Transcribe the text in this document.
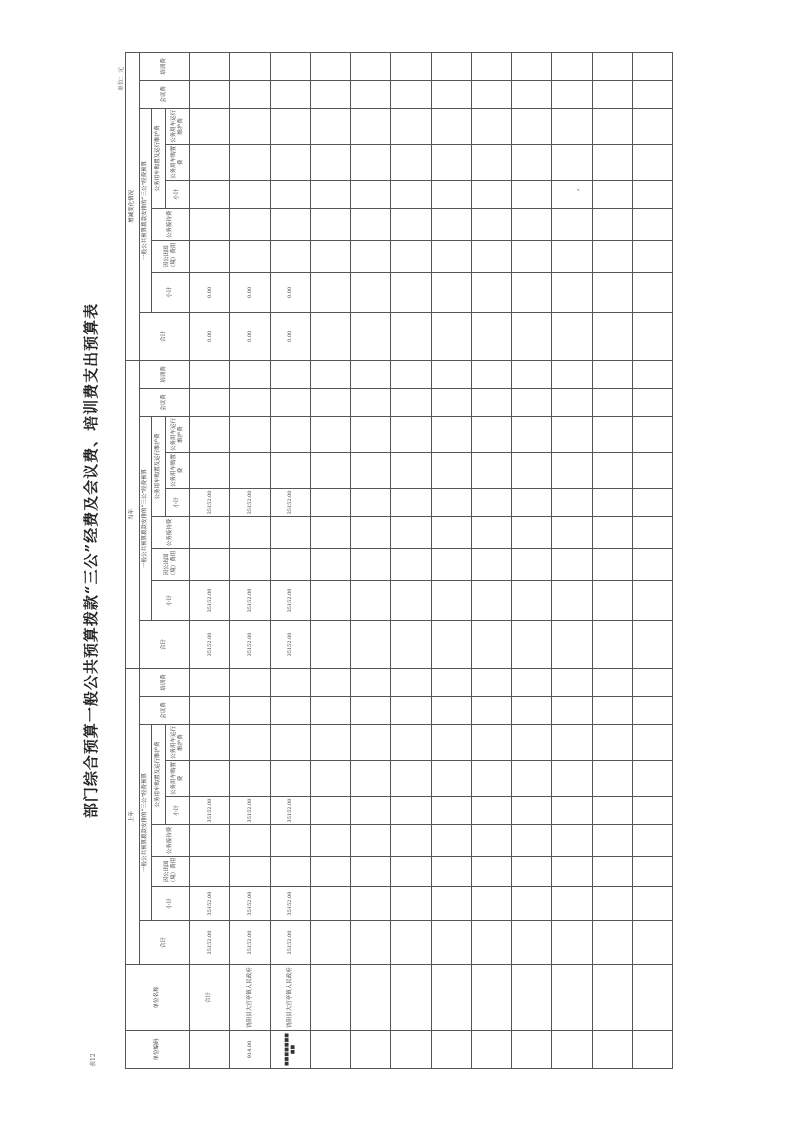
部门综合预算一般公共预算拨款“三公”经费及会议费、培训费支出预算表
表12
单位：元
'
单位编码	单位名称	上年									当年									增减变化情况								
		合计	一般公共预算拨款安排的“三公”经费预算						会议费	培训费	合计	一般公共预算拨款安排的“三公”经费预算						会议费	培训费	合计	一般公共预算拨款安排的“三公”经费预算						会议费	培训费
			小计	因公出国（境）费用	公务接待费	公务用车购置及运行维护费						小计	因公出国（境）费用	公务接待费	公务用车购置及运行维护费						小计	因公出国（境）费用	公务接待费	公务用车购置及运行维护费				
						小计	公务用车购置费	公务用车运行维护费							小计	公务用车购置费	公务用车运行维护费							小计	公务用车购置费	公务用车运行维护费		
	合计	35152.00	35152.00			35152.00					35152.00	35152.00			35152.00					0.00	0.00							
914.00	饶阳县大官亭镇人民政府	35152.00	35152.00			35152.00					35152.00	35152.00			35152.00					0.00	0.00							
■■■■■■■■■	饶阳县大官亭镇人民政府	35152.00	35152.00			35152.00					35152.00	35152.00			35152.00					0.00	0.00							
